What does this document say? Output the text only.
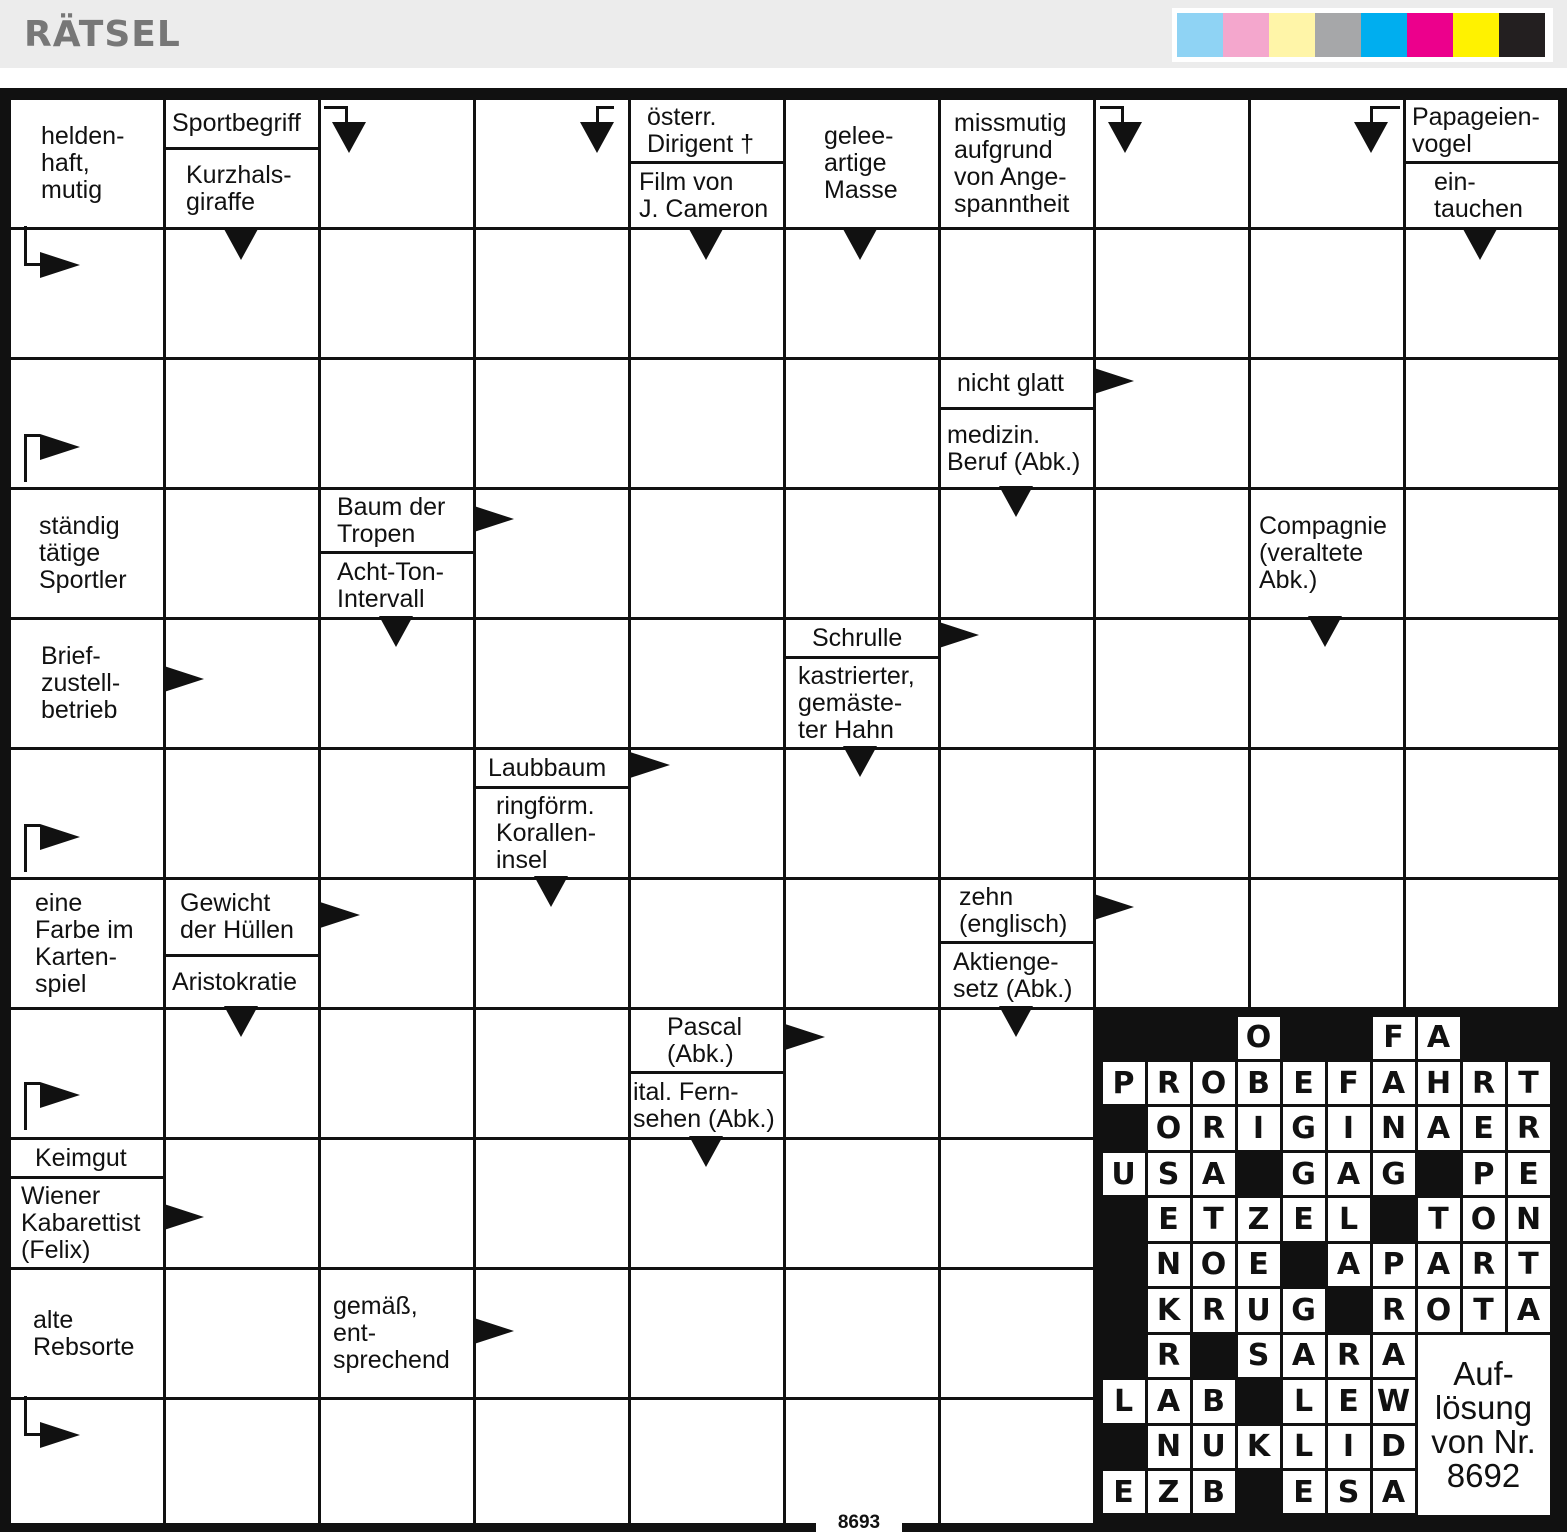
RÄTSEL
helden-
haft,
mutig
Sportbegriff
Kurzhals-
giraffe
österr.
Dirigent †
Film von
J. Cameron
gelee-
artige
Masse
missmutig
aufgrund
von Ange-
spanntheit
Papageien-
vogel
ein-
tauchen
nicht glatt
medizin.
Beruf (Abk.)
ständig
tätige
Sportler
Baum der
Tropen
Acht-Ton-
Intervall
Compagnie
(veraltete
Abk.)
Brief-
zustell-
betrieb
Schrulle
kastrierter,
gemäste-
ter Hahn
Laubbaum
ringförm.
Korallen-
insel
eine
Farbe im
Karten-
spiel
Gewicht
der Hüllen
Aristokratie
zehn
(englisch)
Aktienge-
setz (Abk.)
Pascal
(Abk.)
ital. Fern-
sehen (Abk.)
Keimgut
Wiener
Kabarettist
(Felix)
alte
Rebsorte
gemäß,
ent-
sprechend
O	F A
P R O B E F A H R T
O R I G I N A E R
U S A	G A G	P E
E T Z E L	T O N
N O E	A P A R T
K R U G	R O T A
R	S A R A
L A B	L E W
N U K L I D
E Z B	E S A
Auf-
lösung
von Nr.
8692
8693
